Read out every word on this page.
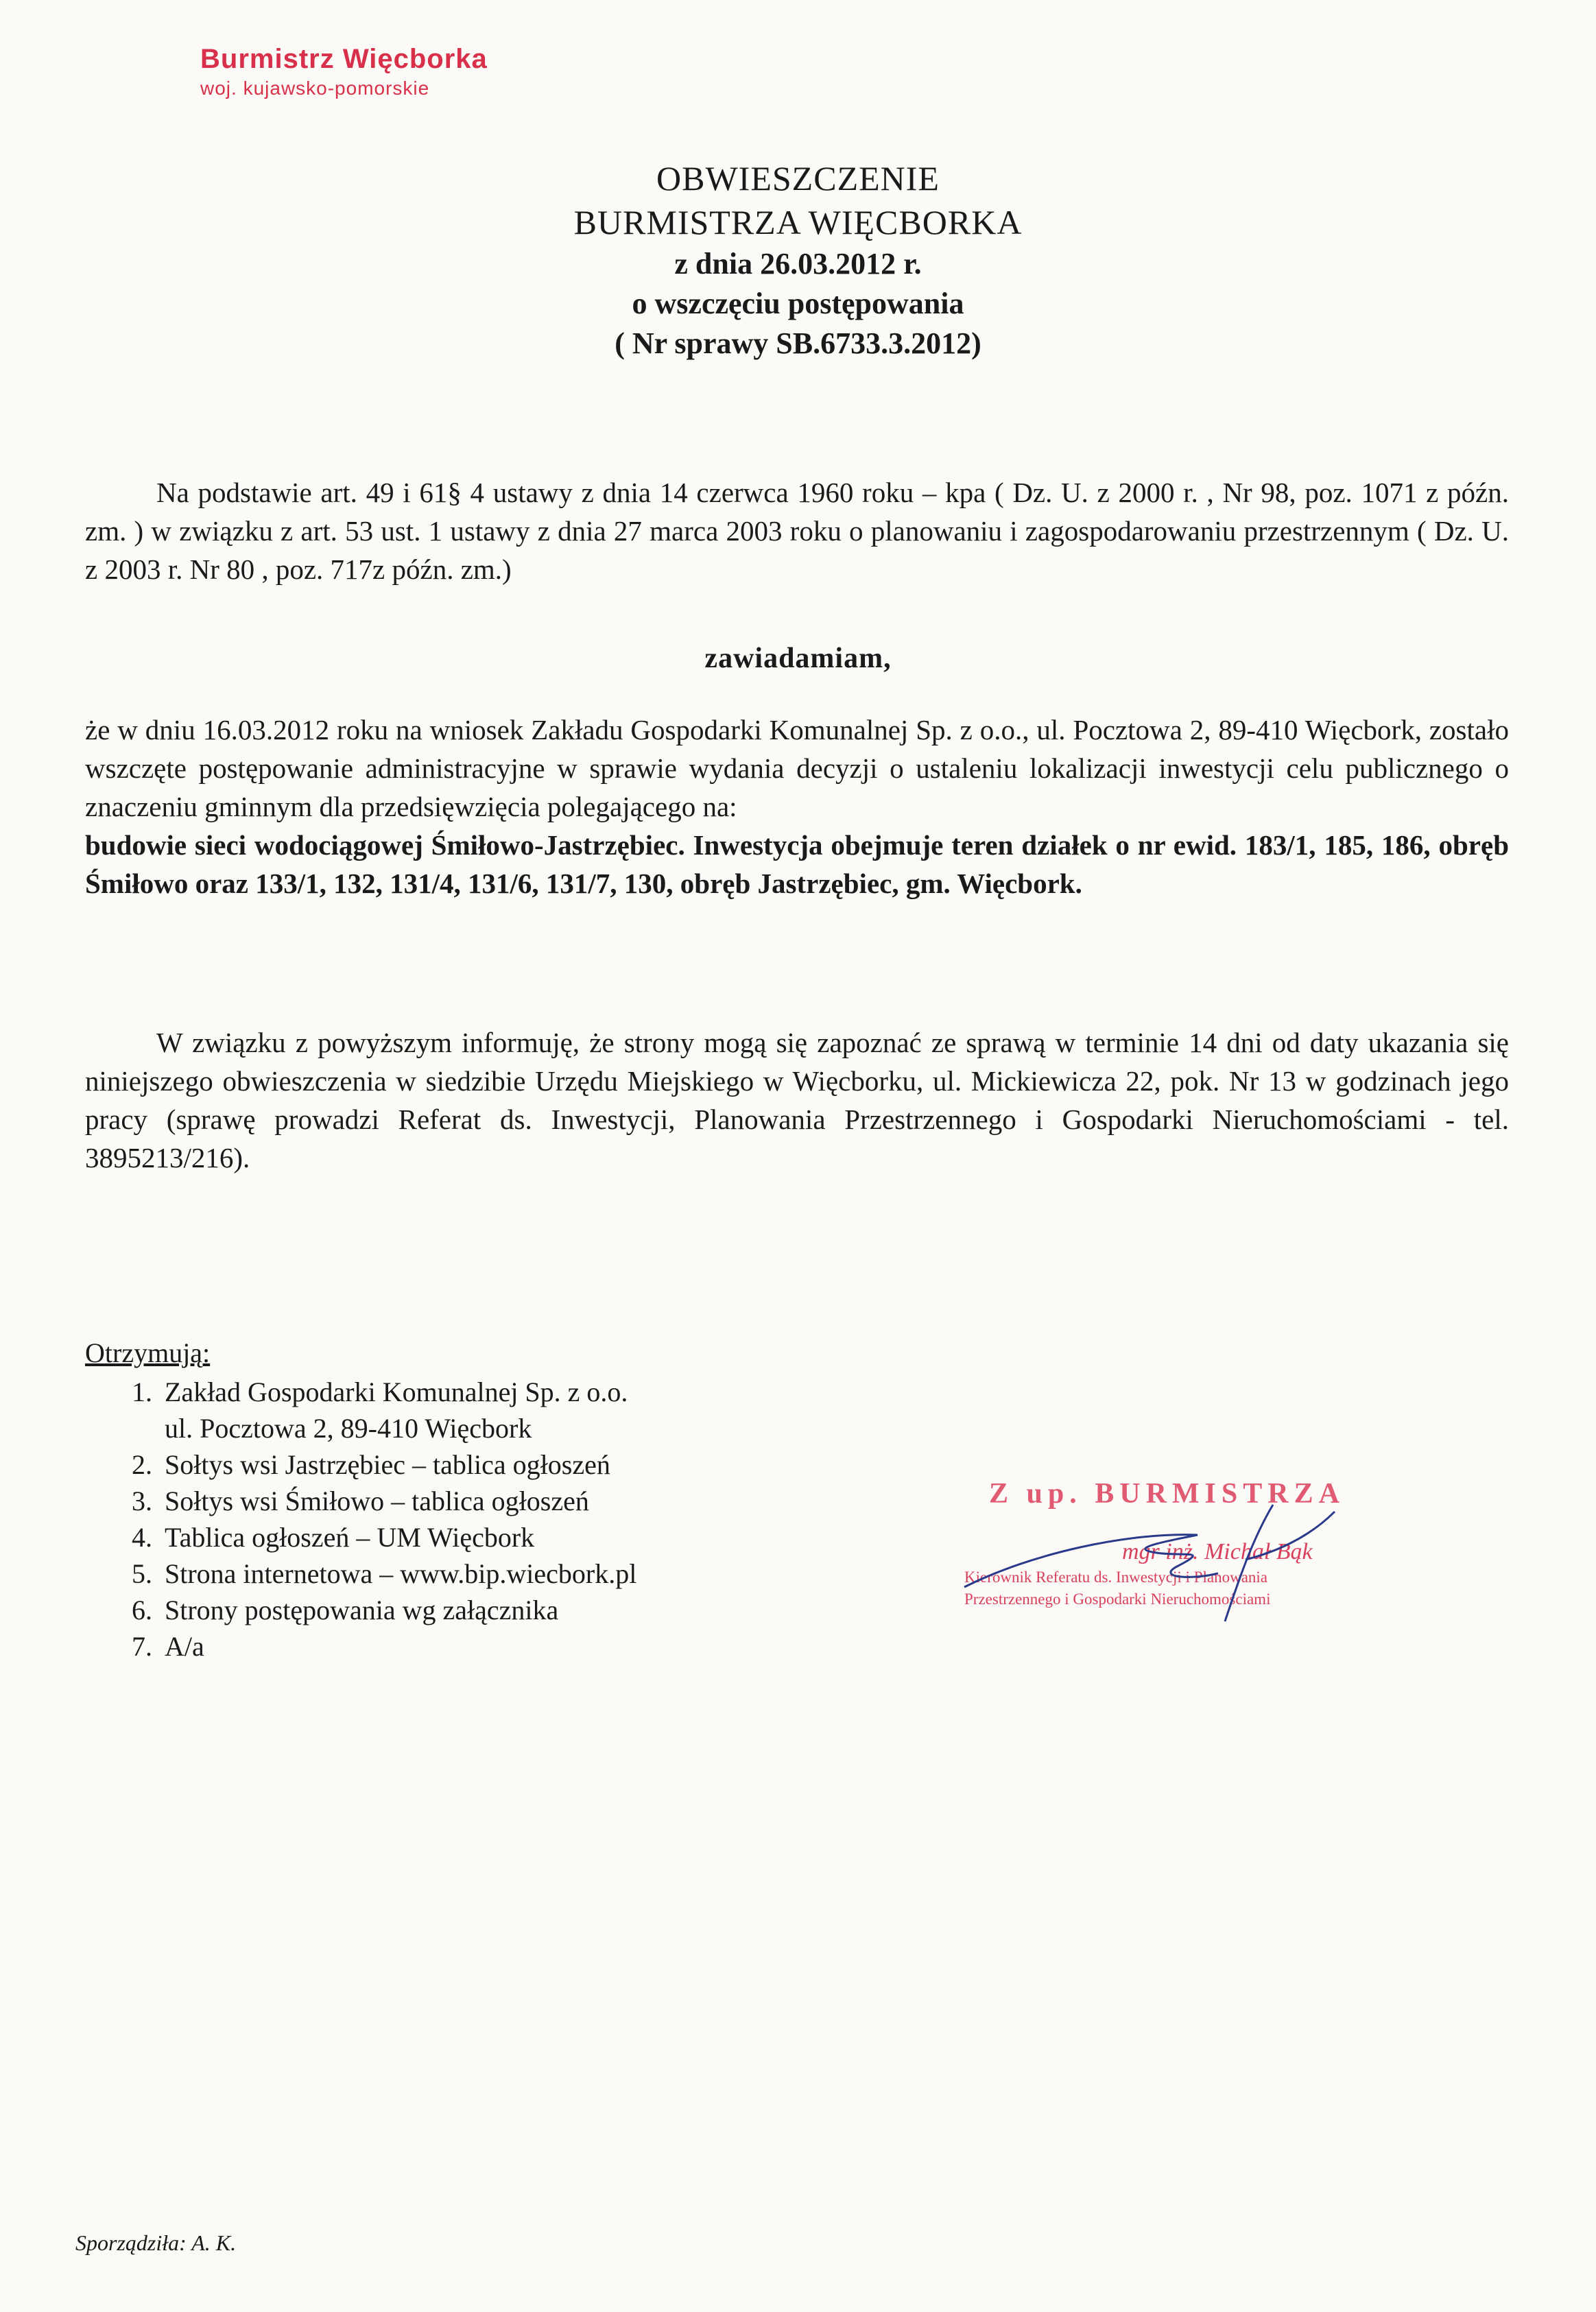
Burmistrz Więcborka
woj. kujawsko-pomorskie
OBWIESZCZENIE
BURMISTRZA WIĘCBORKA
z dnia 26.03.2012 r.
o wszczęciu postępowania
( Nr sprawy SB.6733.3.2012)

Na podstawie art. 49 i 61§ 4 ustawy z dnia 14 czerwca 1960 roku – kpa ( Dz. U. z 2000 r. , Nr 98, poz. 1071 z późn. zm. ) w związku z art. 53 ust. 1 ustawy z dnia 27 marca 2003 roku o planowaniu i zagospodarowaniu przestrzennym ( Dz. U. z 2003 r. Nr 80 , poz. 717z późn. zm.)

zawiadamiam,

że w dniu 16.03.2012 roku na wniosek Zakładu Gospodarki Komunalnej Sp. z o.o., ul. Pocztowa 2, 89-410 Więcbork, zostało wszczęte postępowanie administracyjne w sprawie wydania decyzji o ustaleniu lokalizacji inwestycji celu publicznego o znaczeniu gminnym dla przedsięwzięcia polegającego na:

budowie sieci wodociągowej Śmiłowo-Jastrzębiec. Inwestycja obejmuje teren działek o nr ewid. 183/1, 185, 186, obręb Śmiłowo oraz 133/1, 132, 131/4, 131/6, 131/7, 130, obręb Jastrzębiec, gm. Więcbork.

W związku z powyższym informuję, że strony mogą się zapoznać ze sprawą w terminie 14 dni od daty ukazania się niniejszego obwieszczenia w siedzibie Urzędu Miejskiego w Więcborku, ul. Mickiewicza 22, pok. Nr 13 w godzinach jego pracy (sprawę prowadzi Referat ds. Inwestycji, Planowania Przestrzennego i Gospodarki Nieruchomościami - tel. 3895213/216).

Otrzymują:
1. Zakład Gospodarki Komunalnej Sp. z o.o.
ul. Pocztowa 2, 89-410 Więcbork
2. Sołtys wsi Jastrzębiec – tablica ogłoszeń
3. Sołtys wsi Śmiłowo – tablica ogłoszeń
4. Tablica ogłoszeń – UM Więcbork
5. Strona internetowa – www.bip.wiecbork.pl
6. Strony postępowania wg załącznika
7. A/a
Z up. BURMISTRZA
mgr inż. Michał Bąk
Kierownik Referatu ds. Inwestycji i Planowania
Przestrzennego i Gospodarki Nieruchomościami
Sporządziła: A. K.
